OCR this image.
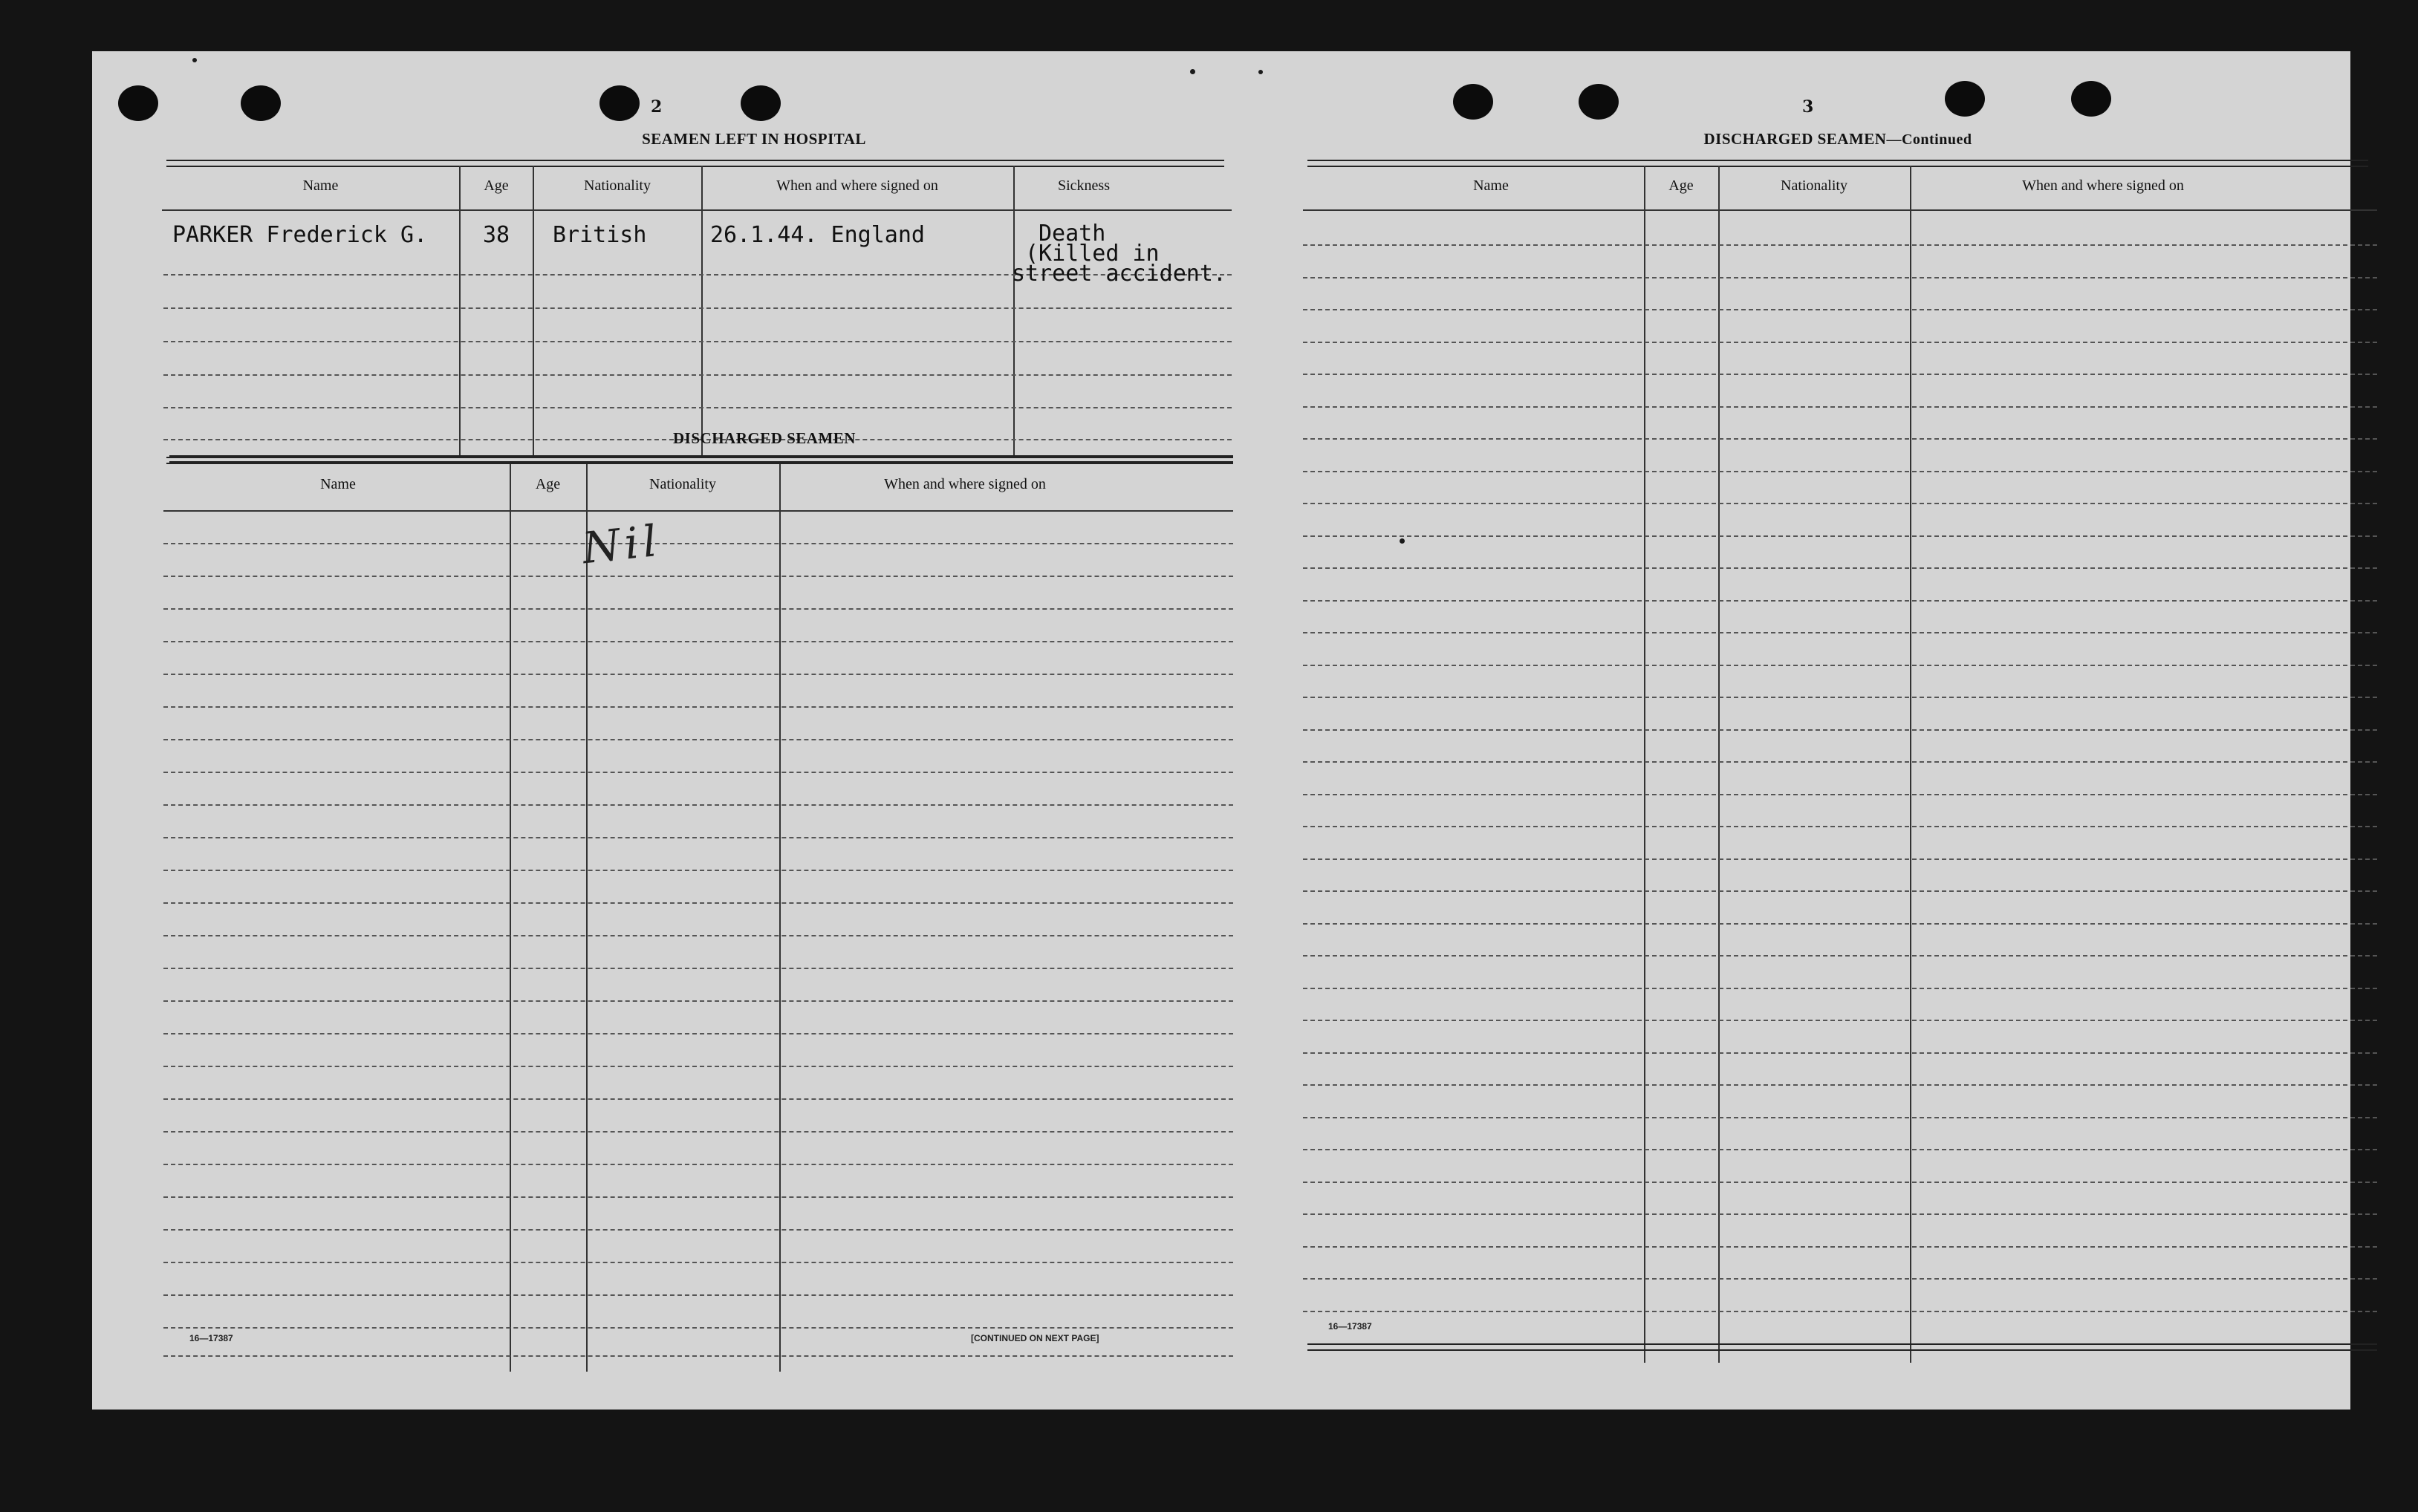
2
SEAMEN LEFT IN HOSPITAL
Name	Age	Nationality	When and where signed on	Sickness
PARKER Frederick G. 38 British	26.1.44. England	Death
(Killed in
street accident.
DISCHARGED SEAMEN
Name	Age	Nationality	When and where signed on
Nil
16—17387	[CONTINUED ON NEXT PAGE]
3
DISCHARGED SEAMEN—Continued
Name	Age	Nationality	When and where signed on
16—17387
